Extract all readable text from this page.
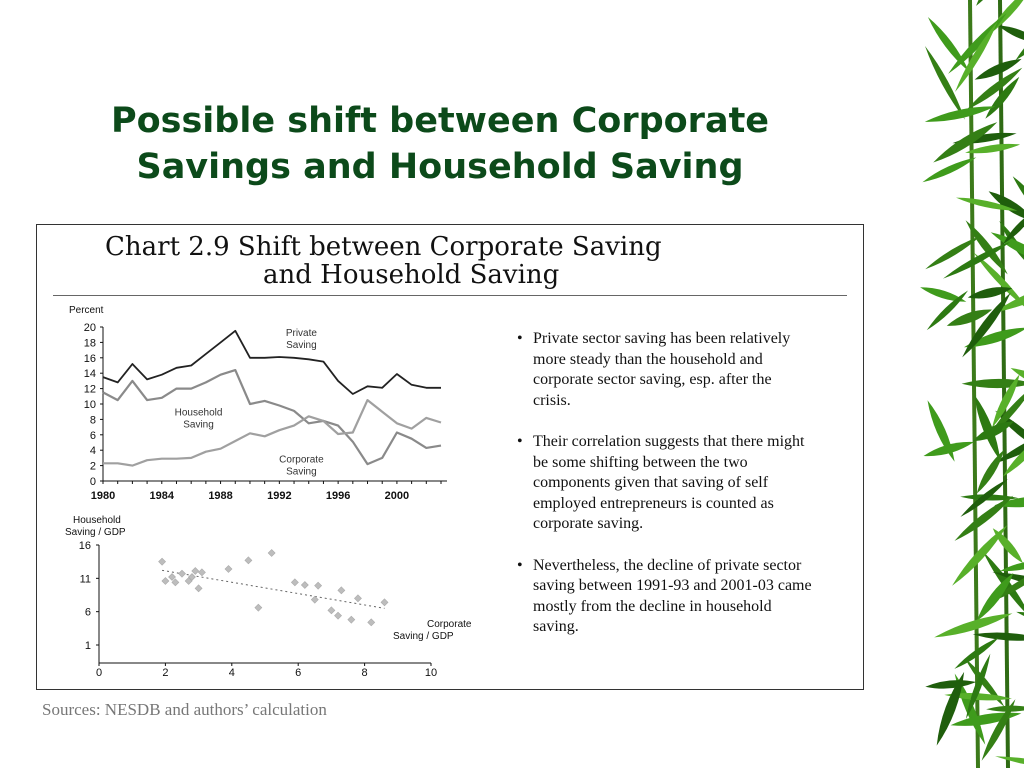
Possible shift between Corporate
Savings and Household Saving
Chart 2.9 Shift between Corporate Saving
and Household Saving
Percent
20
18
16
14
12
10
8
6
4
2
0
1980	1984	1988	1992	1996	2000
Private
Saving
Household
Saving
Corporate
Saving
Household
Saving / GDP
16
11
6
1
0	2	4	6	8	10
Corporate
Saving / GDP
• Private sector saving has been relatively more steady than the household and corporate sector saving, esp. after the crisis.
• Their correlation suggests that there might be some shifting between the two components given that saving of self employed entrepreneurs is counted as corporate saving.
• Nevertheless, the decline of private sector saving between 1991-93 and 2001-03 came mostly from the decline in household saving.
Sources: NESDB and authors’ calculation
